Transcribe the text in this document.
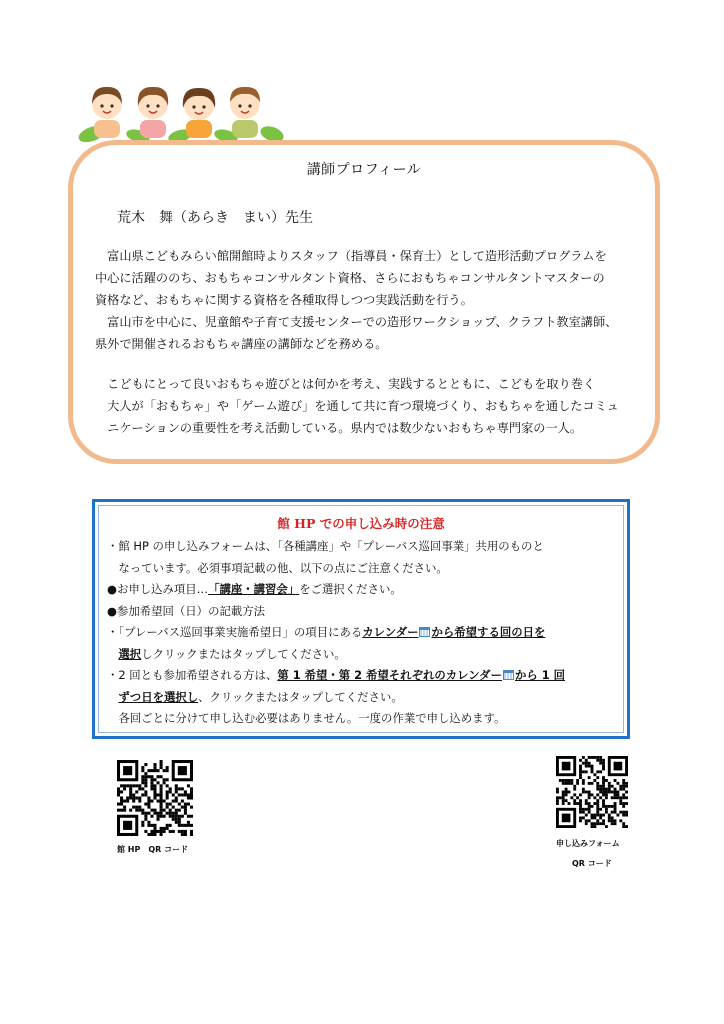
講師プロフィール
荒木　舞（あらき　まい）先生
　富山県こどもみらい館開館時よりスタッフ（指導員・保育士）として造形活動プログラムを
中心に活躍ののち、おもちゃコンサルタント資格、さらにおもちゃコンサルタントマスターの
資格など、おもちゃに関する資格を各種取得しつつ実践活動を行う。
　富山市を中心に、児童館や子育て支援センターでの造形ワークショップ、クラフト教室講師、
県外で開催されるおもちゃ講座の講師などを務める。
　こどもにとって良いおもちゃ遊びとは何かを考え、実践するとともに、こどもを取り巻く
　大人が「おもちゃ」や「ゲーム遊び」を通して共に育つ環境づくり、おもちゃを通したコミュ
　ニケーションの重要性を考え活動している。県内では数少ないおもちゃ専門家の一人。
館 HP での申し込み時の注意
・館 HP の申し込みフォームは、「各種講座」や「プレーバス巡回事業」共用のものと
　なっています。必須事項記載の他、以下の点にご注意ください。
●お申し込み項目…「講座・講習会」をご選択ください。
●参加希望回（日）の記載方法
・「プレーバス巡回事業実施希望日」の項目にあるカレンダー から希望する回の日を
　選択しクリックまたはタップしてください。
・2 回とも参加希望される方は、第 1 希望・第 2 希望それぞれのカレンダー から 1 回
　ずつ日を選択し、クリックまたはタップしてください。
　各回ごとに分けて申し込む必要はありません。一度の作業で申し込めます。
館 HP　QR コード
申し込みフォーム
QR コード
